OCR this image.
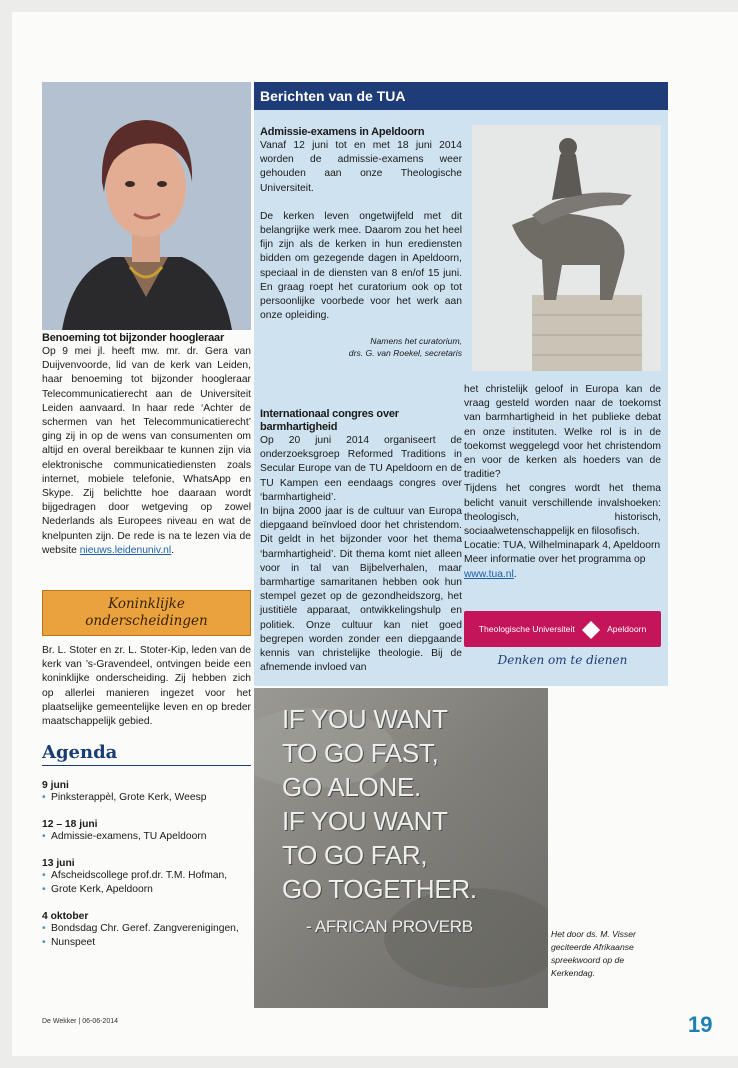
Benoeming tot bijzonder hoogleraar

Op 9 mei jl. heeft mw. mr. dr. Gera van Duijvenvoorde, lid van de kerk van Leiden, haar benoeming tot bijzonder hoogleraar Telecommunicatierecht aan de Universiteit Leiden aanvaard. In haar rede ‘Achter de schermen van het Telecommunicatierecht’ ging zij in op de wens van consumenten om altijd en overal bereikbaar te kunnen zijn via elektronische communicatiediensten zoals internet, mobiele telefonie, WhatsApp en Skype. Zij belichtte hoe daaraan wordt bijgedragen door wetgeving op zowel Nederlands als Europees niveau en wat de knelpunten zijn. De rede is na te lezen via de website nieuws.leidenuniv.nl.

Koninklijke
onderscheidingen

Br. L. Stoter en zr. L. Stoter-Kip, leden van de kerk van ’s-Gravendeel, ontvingen beide een koninklijke onderscheiding. Zij hebben zich op allerlei manieren ingezet voor het plaatselijke gemeentelijke leven en op breder maatschappelijk gebied.

Agenda
9 juni
• Pinksterappèl, Grote Kerk, Weesp
12 – 18 juni
• Admissie-examens, TU Apeldoorn
13 juni
• Afscheidscollege prof.dr. T.M. Hofman,
• Grote Kerk, Apeldoorn
4 oktober
• Bondsdag Chr. Geref. Zangverenigingen,
• Nunspeet
Berichten van de TUA

Admissie-examens in Apeldoorn

Vanaf 12 juni tot en met 18 juni 2014 worden de admissie-examens weer gehouden aan onze Theologische Universiteit.

De kerken leven ongetwijfeld met dit belangrijke werk mee. Daarom zou het heel fijn zijn als de kerken in hun erediensten bidden om gezegende dagen in Apeldoorn, speciaal in de diensten van 8 en/of 15 juni. En graag roept het curatorium ook op tot persoonlijke voorbede voor het werk aan onze opleiding.

Namens het curatorium,

drs. G. van Roekel, secretaris

Internationaal congres over barmhartigheid

Op 20 juni 2014 organiseert de onderzoeksgroep Reformed Traditions in Secular Europe van de TU Apeldoorn en de TU Kampen een eendaags congres over ‘barmhartigheid’.

In bijna 2000 jaar is de cultuur van Europa diepgaand beïnvloed door het christendom. Dit geldt in het bijzonder voor het thema ‘barmhartigheid’. Dit thema komt niet alleen voor in tal van Bijbelverhalen, maar barmhartige samaritanen hebben ook hun stempel gezet op de gezondheidszorg, het justitiële apparaat, ontwikkelingshulp en politiek. Onze cultuur kan niet goed begrepen worden zonder een diepgaande kennis van christelijke theologie. Bij de afnemende invloed van

het christelijk geloof in Europa kan de vraag gesteld worden naar de toekomst van barmhartigheid in het publieke debat en onze instituten. Welke rol is in de toekomst weggelegd voor het christendom en voor de kerken als hoeders van de traditie?

Tijdens het congres wordt het thema belicht vanuit verschillende invalshoeken: theologisch, historisch, sociaalwetenschappelijk en filosofisch.

Locatie: TUA, Wilhelminapark 4, Apeldoorn

Meer informatie over het programma op

www.tua.nl.

Theologische Universiteit	Apeldoorn
Denken om te dienen
IF YOU WANT
TO GO FAST,
GO ALONE.
IF YOU WANT
TO GO FAR,
GO TOGETHER.
- AFRICAN PROVERB	Het door ds. M. Visser geciteerde Afrikaanse spreekwoord op de Kerkendag.
De Wekker | 06-06-2014	19
